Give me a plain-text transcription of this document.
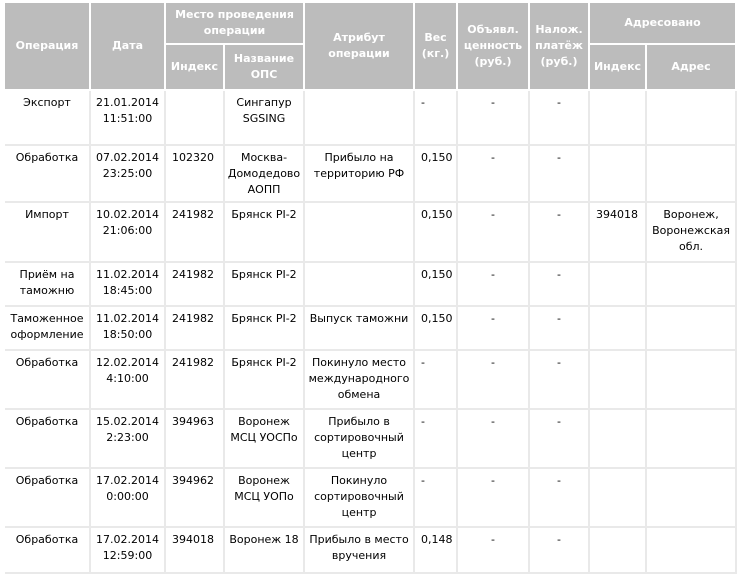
Операция	Дата	Место проведения операции		Атрибут операции	Вес (кг.)	Объявл. ценность (руб.)	Налож. платёж (руб.)	Адресовано	
		Индекс	Название ОПС					Индекс	Адрес
Экспорт	21.01.2014 11:51:00		Сингапур SGSING		-	-	-		
Обработка	07.02.2014 23:25:00	102320	Москва-Домодедово АОПП	Прибыло на территорию РФ	0,150	-	-		
Импорт	10.02.2014 21:06:00	241982	Брянск PI-2		0,150	-	-	394018	Воронеж, Воронежская обл.
Приём на таможню	11.02.2014 18:45:00	241982	Брянск PI-2		0,150	-	-		
Таможенное оформление	11.02.2014 18:50:00	241982	Брянск PI-2	Выпуск таможни	0,150	-	-		
Обработка	12.02.2014 4:10:00	241982	Брянск PI-2	Покинуло место международного обмена	-	-	-		
Обработка	15.02.2014 2:23:00	394963	Воронеж МСЦ УОСПо	Прибыло в сортировочный центр	-	-	-		
Обработка	17.02.2014 0:00:00	394962	Воронеж МСЦ УОПо	Покинуло сортировочный центр	-	-	-		
Обработка	17.02.2014 12:59:00	394018	Воронеж 18	Прибыло в место вручения	0,148	-	-		
